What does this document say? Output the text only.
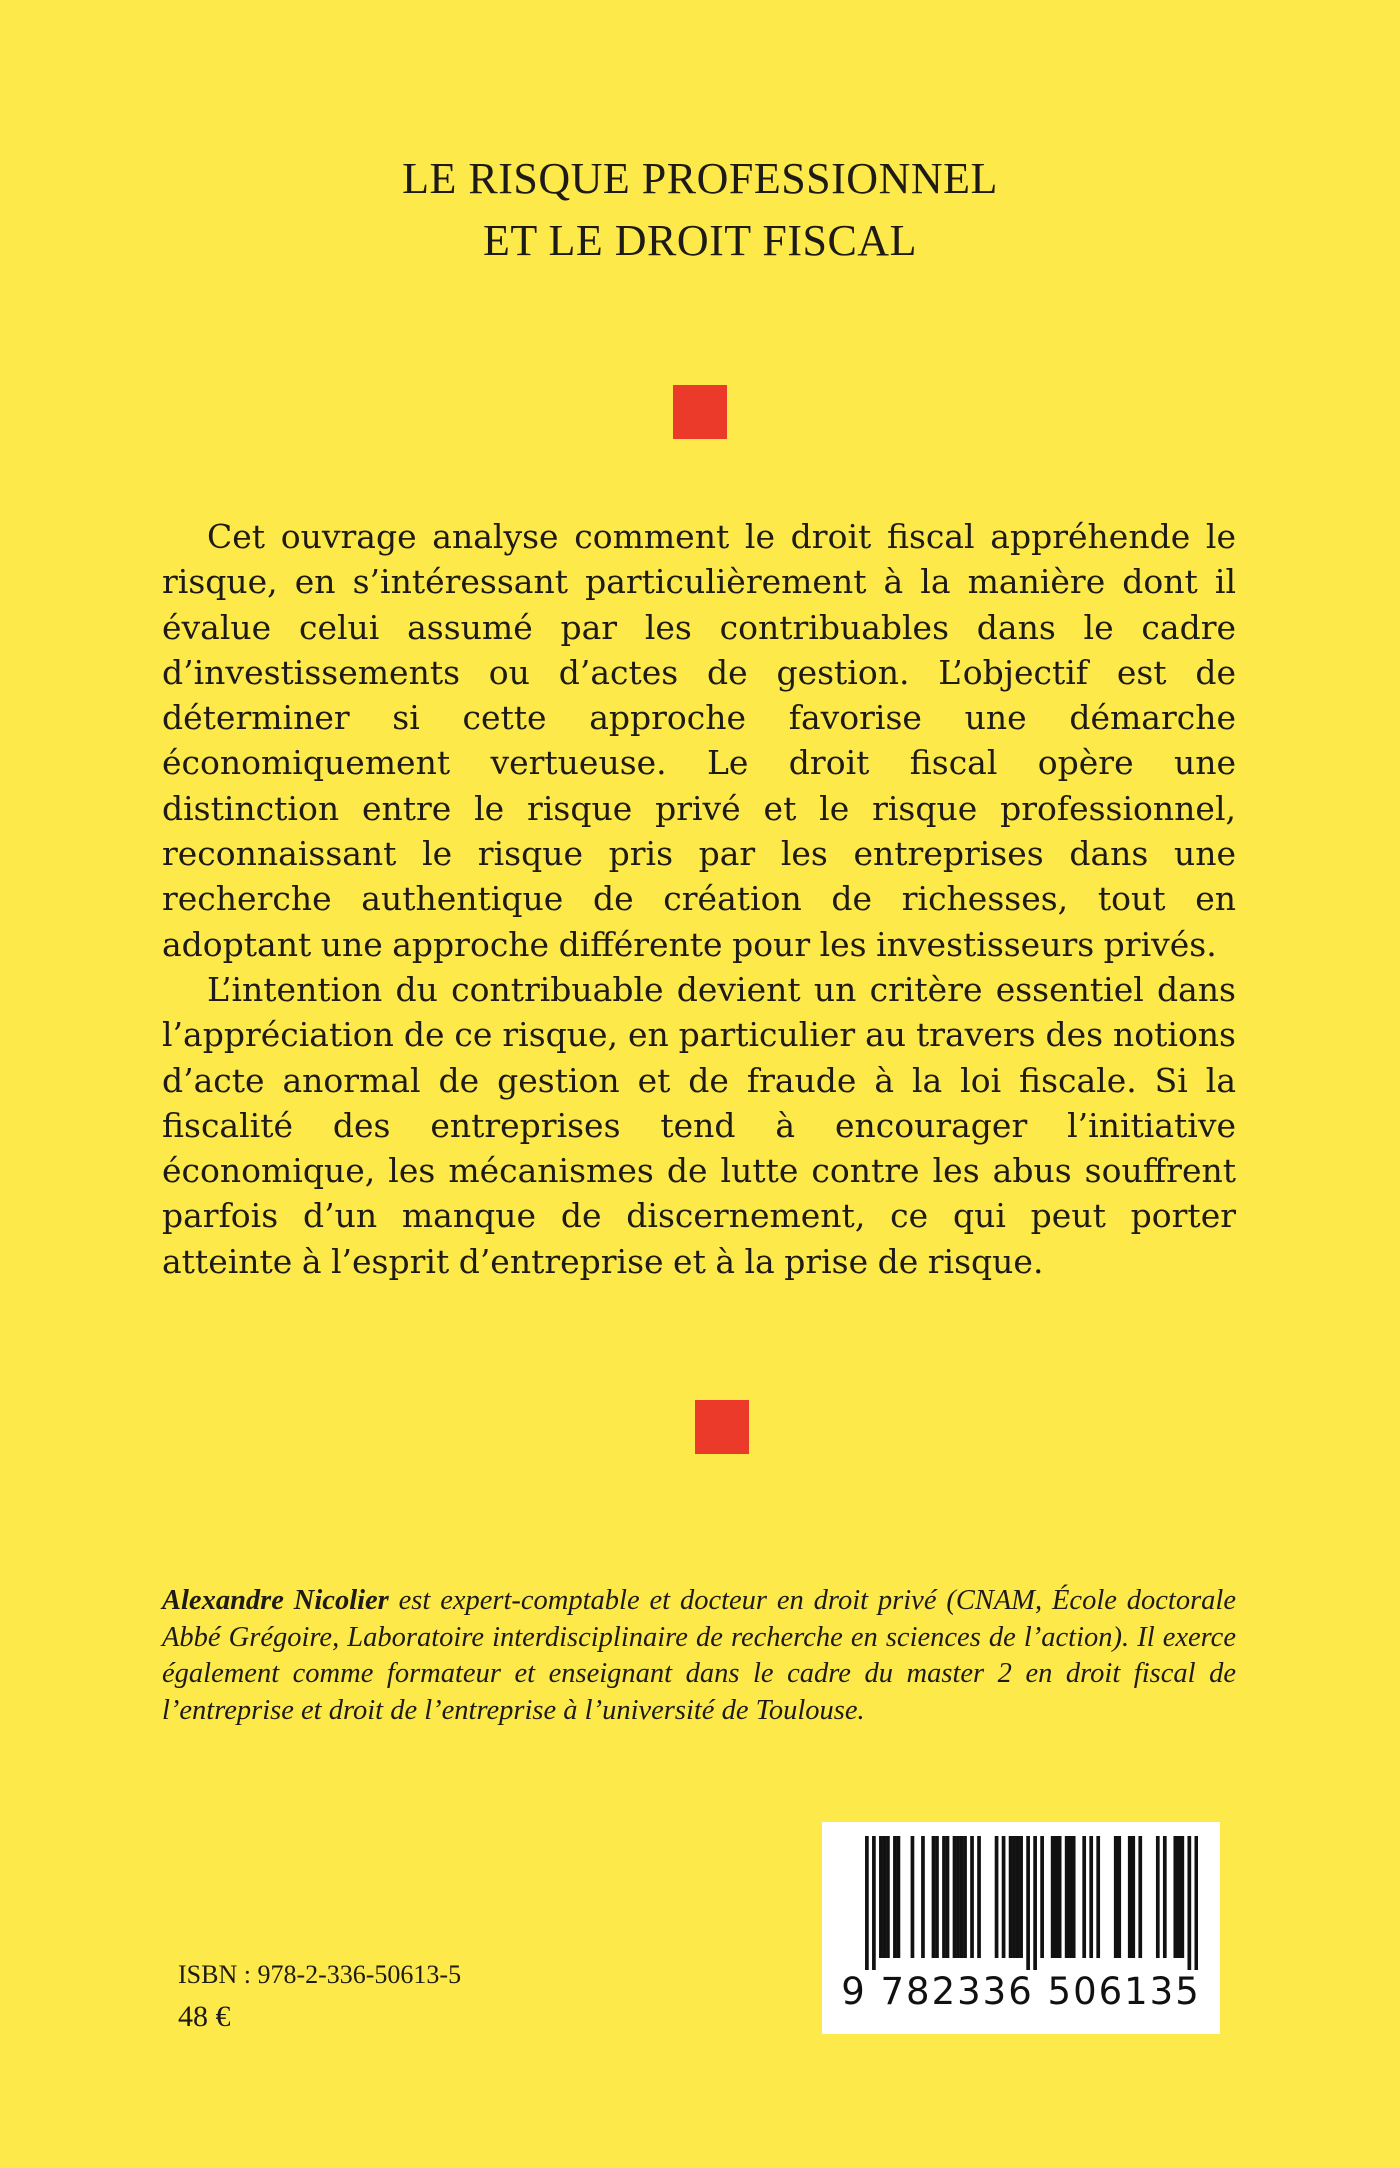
LE RISQUE PROFESSIONNEL
ET LE DROIT FISCAL

Cet ouvrage analyse comment le droit fiscal appréhende le risque, en s’intéressant particulièrement à la manière dont il évalue celui assumé par les contribuables dans le cadre d’investissements ou d’actes de gestion. L’objectif est de déterminer si cette approche favorise une démarche économiquement vertueuse. Le droit fiscal opère une distinction entre le risque privé et le risque professionnel, reconnaissant le risque pris par les entreprises dans une recherche authentique de création de richesses, tout en adoptant une approche différente pour les investisseurs privés.

L’intention du contribuable devient un critère essentiel dans l’appréciation de ce risque, en particulier au travers des notions d’acte anormal de gestion et de fraude à la loi fiscale. Si la fiscalité des entreprises tend à encourager l’initiative économique, les mécanismes de lutte contre les abus souffrent parfois d’un manque de discernement, ce qui peut porter atteinte à l’esprit d’entreprise et à la prise de risque.

Alexandre Nicolier est expert-comptable et docteur en droit privé (CNAM, École doctorale Abbé Grégoire, Laboratoire interdisciplinaire de recherche en sciences de l’action). Il exerce également comme formateur et enseignant dans le cadre du master 2 en droit fiscal de l’entreprise et droit de l’entreprise à l’université de Toulouse.

9 782336 506135
ISBN : 978-2-336-50613-5
48 €
